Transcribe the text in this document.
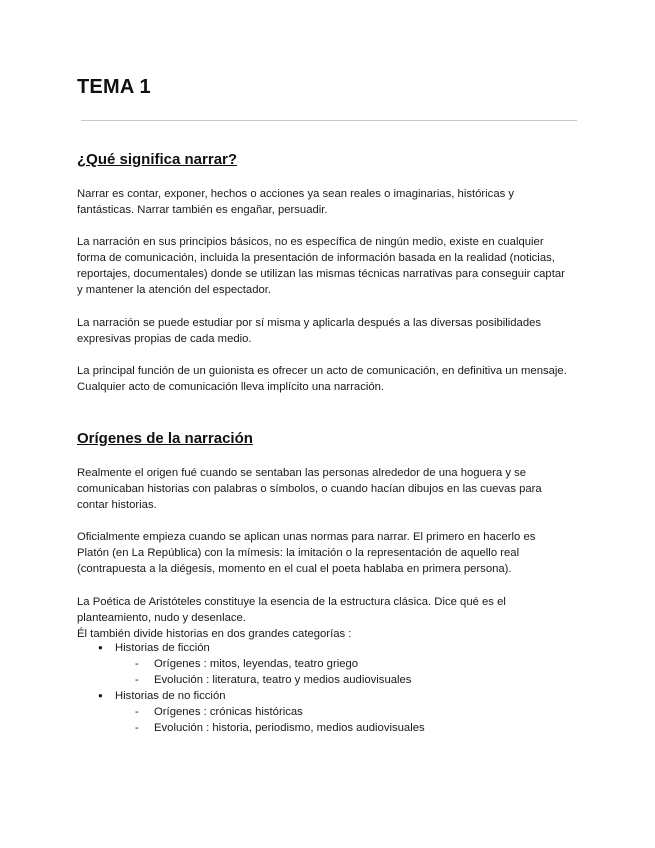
TEMA 1
¿Qué significa narrar?

Narrar es contar, exponer, hechos o acciones ya sean reales o imaginarias, históricas y fantásticas. Narrar también es engañar, persuadir.

La narración en sus principios básicos, no es específica de ningún medio, existe en cualquier forma de comunicación, incluida la presentación de información basada en la realidad (noticias, reportajes, documentales) donde se utilizan las mismas técnicas narrativas para conseguir captar y mantener la atención del espectador.

La narración se puede estudiar por sí misma y aplicarla después a las diversas posibilidades expresivas propias de cada medio.

La principal función de un guionista es ofrecer un acto de comunicación, en definitiva un mensaje. Cualquier acto de comunicación lleva implícito una narración.

Orígenes de la narración

Realmente el origen fué cuando se sentaban las personas alrededor de una hoguera y se comunicaban historias con palabras o símbolos, o cuando hacían dibujos en las cuevas para contar historias.

Oficialmente empieza cuando se aplican unas normas para narrar. El primero en hacerlo es Platón (en La República) con la mímesis: la imitación o la representación de aquello real (contrapuesta a la diégesis, momento en el cual el poeta hablaba en primera persona).

La Poética de Aristóteles constituye la esencia de la estructura clásica. Dice qué es el planteamiento, nudo y desenlace.

Él también divide historias en dos grandes categorías :

● Historias de ficción
- Orígenes : mitos, leyendas, teatro griego
- Evolución : literatura, teatro y medios audiovisuales
● Historias de no ficción
- Orígenes : crónicas históricas
- Evolución : historia, periodismo, medios audiovisuales
